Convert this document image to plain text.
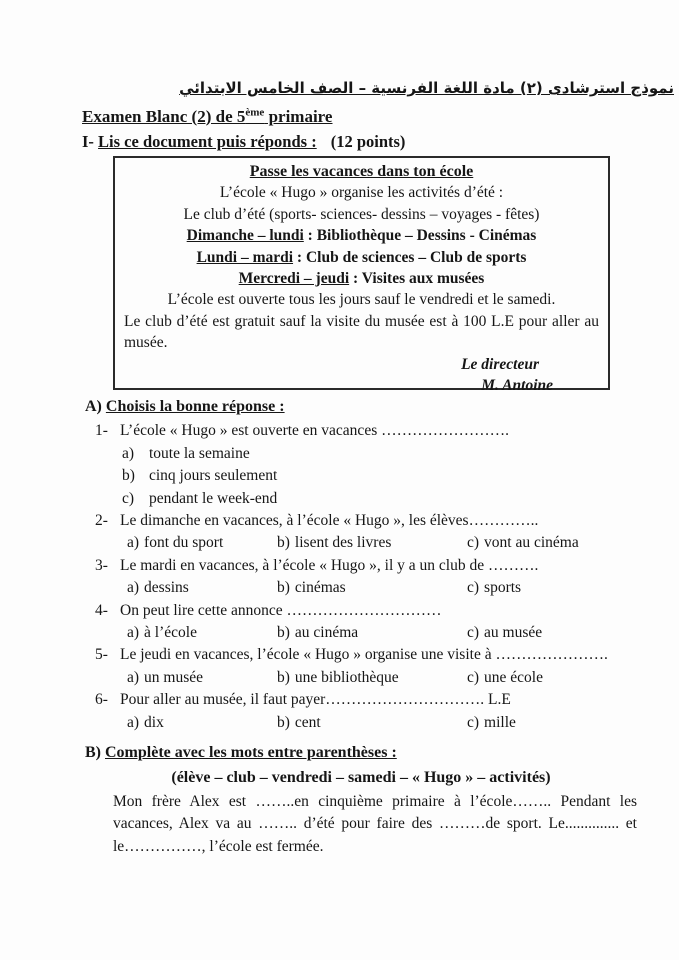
نموذج استرشادى (٢) مادة اللغة الفرنسية – الصف الخامس الابتدائي
Examen Blanc (2) de 5ème primaire
I- Lis ce document puis réponds : (12 points)
Passe les vacances dans ton école
L’école « Hugo » organise les activités d’été :
Le club d’été (sports- sciences- dessins – voyages - fêtes)
Dimanche – lundi : Bibliothèque – Dessins - Cinémas
Lundi – mardi : Club de sciences – Club de sports
Mercredi – jeudi : Visites aux musées
L’école est ouverte tous les jours sauf le vendredi et le samedi.
Le club d’été est gratuit sauf la visite du musée est à 100 L.E pour aller au musée.
Le directeur
M. Antoine
A) Choisis la bonne réponse :
1- L’école « Hugo » est ouverte en vacances …………………….
a) toute la semaine
b) cinq jours seulement
c) pendant le week-end
2- Le dimanche en vacances, à l’école « Hugo », les élèves…………..
a) font du sport	b) lisent des livres	c) vont au cinéma
3- Le mardi en vacances, à l’école « Hugo », il y a un club de ……….
a) dessins	b) cinémas	c) sports
4- On peut lire cette annonce …………………………
a) à l’école	b) au cinéma	c) au musée
5- Le jeudi en vacances, l’école « Hugo » organise une visite à ………………….
a) un musée	b) une bibliothèque	c) une école
6- Pour aller au musée, il faut payer…………………………. L.E
a) dix	b) cent	c) mille
B) Complète avec les mots entre parenthèses :
(élève – club – vendredi – samedi – « Hugo » – activités)
Mon frère Alex est ……..en cinquième primaire à l’école…….. Pendant les vacances, Alex va au …….. d’été pour faire des ………de sport. Le.............. et le……………, l’école est fermée.
